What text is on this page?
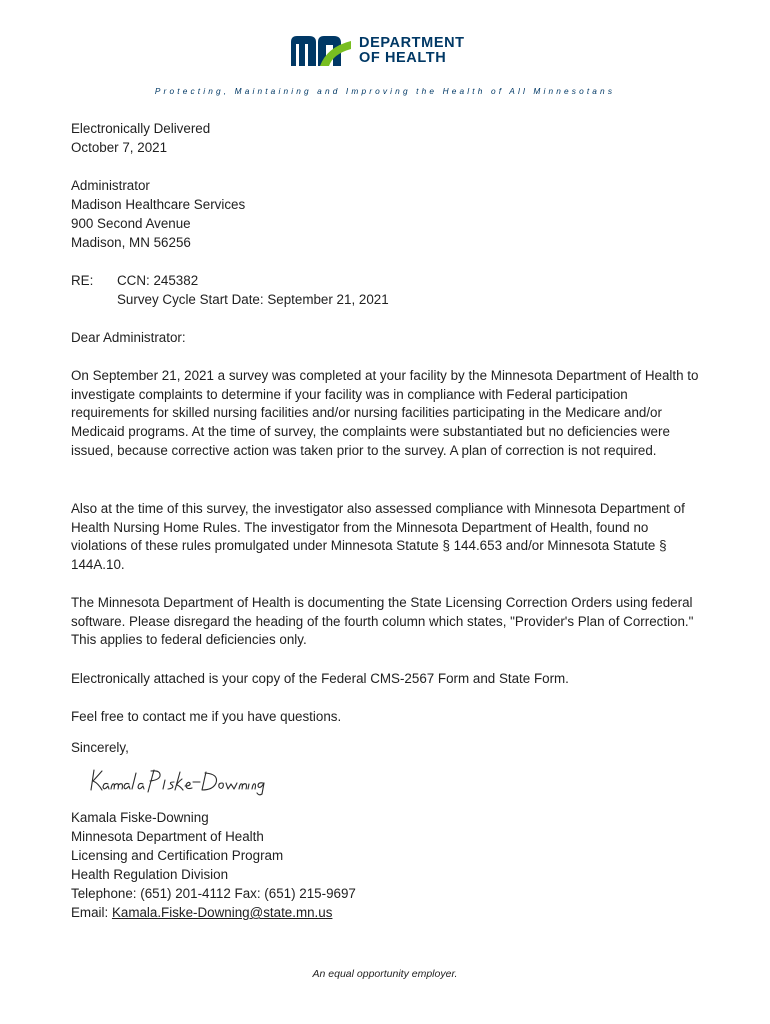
DEPARTMENT
OF HEALTH
Protecting, Maintaining and Improving the Health of All Minnesotans
Electronically Delivered
October 7, 2021
Administrator
Madison Healthcare Services
900 Second Avenue
Madison, MN 56256
RE: CCN: 245382
Survey Cycle Start Date: September 21, 2021
Dear Administrator:
On September 21, 2021 a survey was completed at your facility by the Minnesota Department of Health to investigate complaints to determine if your facility was in compliance with Federal participation requirements for skilled nursing facilities and/or nursing facilities participating in the Medicare and/or Medicaid programs. At the time of survey, the complaints were substantiated but no deficiencies were issued, because corrective action was taken prior to the survey. A plan of correction is not required.
Also at the time of this survey, the investigator also assessed compliance with Minnesota Department of Health Nursing Home Rules. The investigator from the Minnesota Department of Health, found no violations of these rules promulgated under Minnesota Statute § 144.653 and/or Minnesota Statute § 144A.10.
The Minnesota Department of Health is documenting the State Licensing Correction Orders using federal software. Please disregard the heading of the fourth column which states, "Provider's Plan of Correction." This applies to federal deficiencies only.
Electronically attached is your copy of the Federal CMS-2567 Form and State Form.
Feel free to contact me if you have questions.
Sincerely,
Kamala Fiske-Downing
Kamala Fiske-Downing
Minnesota Department of Health
Licensing and Certification Program
Health Regulation Division
Telephone: (651) 201-4112 Fax: (651) 215-9697
Email: Kamala.Fiske-Downing@state.mn.us
An equal opportunity employer.
